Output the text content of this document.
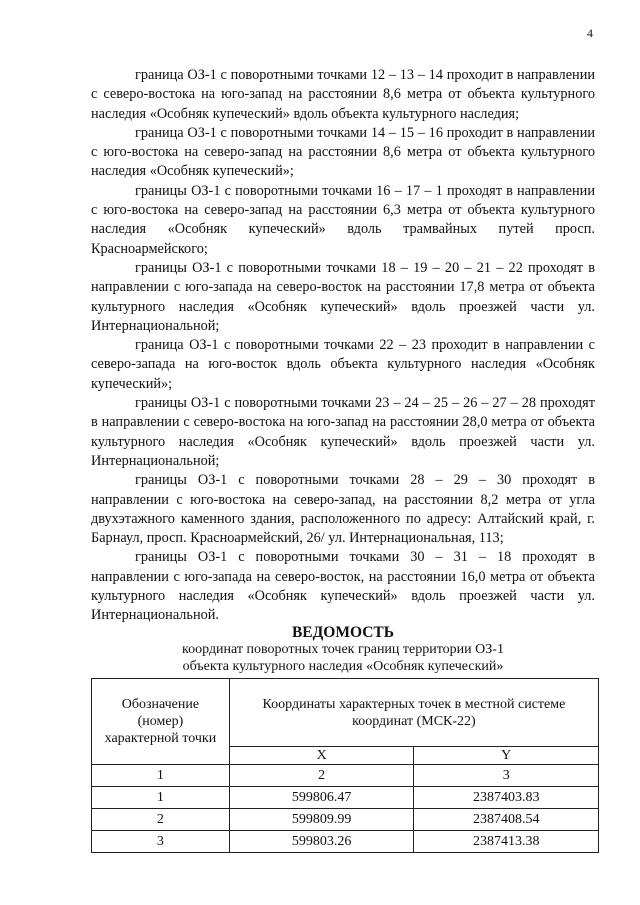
4

граница ОЗ-1 с поворотными точками 12 – 13 – 14 проходит в направлении с северо-востока на юго-запад на расстоянии 8,6 метра от объекта культурного наследия «Особняк купеческий» вдоль объекта культурного наследия;

граница ОЗ-1 с поворотными точками 14 – 15 – 16 проходит в направлении с юго-востока на северо-запад на расстоянии 8,6 метра от объекта культурного наследия «Особняк купеческий»;

границы ОЗ-1 с поворотными точками 16 – 17 – 1 проходят в направлении с юго-востока на северо-запад на расстоянии 6,3 метра от объекта культурного наследия «Особняк купеческий» вдоль трамвайных путей просп. Красноармейского;

границы ОЗ-1 с поворотными точками 18 – 19 – 20 – 21 – 22 проходят в направлении с юго-запада на северо-восток на расстоянии 17,8 метра от объекта культурного наследия «Особняк купеческий» вдоль проезжей части ул. Интернациональной;

граница ОЗ-1 с поворотными точками 22 – 23 проходит в направлении с северо-запада на юго-восток вдоль объекта культурного наследия «Особняк купеческий»;

границы ОЗ-1 с поворотными точками 23 – 24 – 25 – 26 – 27 – 28 проходят в направлении с северо-востока на юго-запад на расстоянии 28,0 метра от объекта культурного наследия «Особняк купеческий» вдоль проезжей части ул. Интернациональной;

границы ОЗ-1 с поворотными точками 28 – 29 – 30 проходят в направлении с юго-востока на северо-запад, на расстоянии 8,2 метра от угла двухэтажного каменного здания, расположенного по адресу: Алтайский край, г. Барнаул, просп. Красноармейский, 26/ ул. Интернациональная, 113;

границы ОЗ-1 с поворотными точками 30 – 31 – 18 проходят в направлении с юго-запада на северо-восток, на расстоянии 16,0 метра от объекта культурного наследия «Особняк купеческий» вдоль проезжей части ул. Интернациональной.

ВЕДОМОСТЬ
координат поворотных точек границ территории ОЗ-1
объекта культурного наследия «Особняк купеческий»
Обозначение (номер) характерной точки	Координаты характерных точек в местной системе координат (МСК-22)	
	X	Y
1	2	3
1	599806.47	2387403.83
2	599809.99	2387408.54
3	599803.26	2387413.38
